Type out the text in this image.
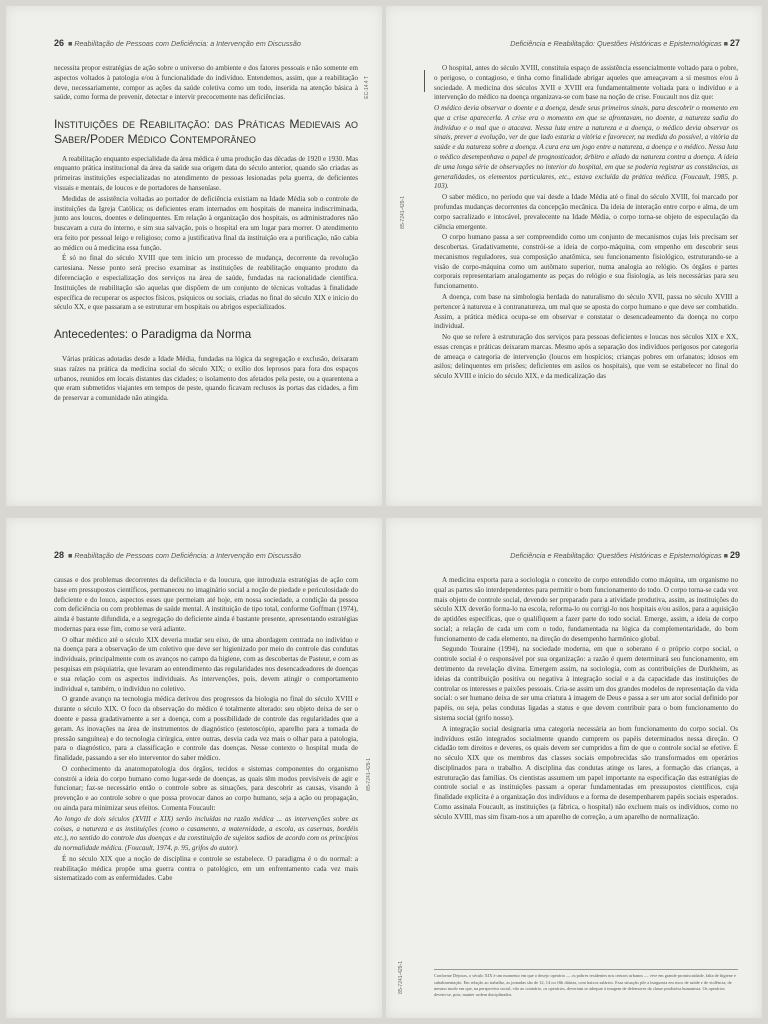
26  ■ Reabilitação de Pessoas com Deficiência: a Intervenção em Discussão
EC-14.4 T

necessita propor estratégias de ação sobre o universo do ambiente e dos fatores pessoais e não somente em aspectos voltados à patologia e/ou à funcionalidade do indivíduo. Entendemos, assim, que a reabilitação deve, necessariamente, compor as ações da saúde coletiva como um todo, inserida na atenção básica à saúde, como forma de prevenir, detectar e intervir precocemente nas deficiências.

Instituições de Reabilitação: das Práticas Medievais ao Saber/Poder Médico Contemporâneo

A reabilitação enquanto especialidade da área médica é uma produção das décadas de 1920 e 1930. Mas enquanto prática institucional da área da saúde sua origem data do século anterior, quando são criadas as primeiras instituições especializadas no atendimento de pessoas lesionadas pela guerra, de deficientes visuais e mentais, de loucos e de portadores de hanseníase.

Medidas de assistência voltadas ao portador de deficiência existiam na Idade Média sob o controle de instituições da Igreja Católica; os deficientes eram internados em hospitais de maneira indiscriminada, junto aos loucos, doentes e delinquentes. Em relação à organização dos hospitais, os administradores não buscavam a cura do interno, e sim sua salvação, pois o hospital era um lugar para morrer. O atendimento era feito por pessoal leigo e religioso; como a justificativa final da instituição era a purificação, não cabia ao médico ou à medicina essa função.

É só no final do século XVIII que tem início um processo de mudança, decorrente da revolução cartesiana. Nesse ponto será preciso examinar as instituições de reabilitação enquanto produto da diferenciação e especialização dos serviços na área de saúde, fundadas na racionalidade científica. Instituições de reabilitação são aquelas que dispõem de um conjunto de técnicas voltadas à finalidade específica de recuperar os aspectos físicos, psíquicos ou sociais, criadas no final do século XIX e início do século XX, e que passaram a se estruturar em hospitais ou abrigos especializados.

Antecedentes: o Paradigma da Norma

Várias práticas adotadas desde a Idade Média, fundadas na lógica da segregação e exclusão, deixaram suas raízes na prática da medicina social do século XIX; o exílio dos leprosos para fora dos espaços urbanos, reunidos em locais distantes das cidades; o isolamento dos afetados pela peste, ou a quarentena a que eram submetidos viajantes em tempos de peste, quando ficavam reclusos às portas das cidades, a fim de preservar a comunidade não atingida.

Deficiência e Reabilitação: Questões Históricas e Epistemológicas ■ 27
85-7241-429-1

O hospital, antes do século XVIII, constituía espaço de assistência essencialmente voltado para o pobre, o perigoso, o contagioso, e tinha como finalidade abrigar aqueles que ameaçavam a si mesmos e/ou à sociedade. A medicina dos séculos XVII e XVIII era fundamentalmente voltada para o indivíduo e a intervenção do médico na doença organizava-se com base na noção de crise. Foucault nos diz que:

O médico devia observar o doente e a doença, desde seus primeiros sinais, para descobrir o momento em que a crise aparecerla. A crise era o momento em que se afrontavam, no doente, a natureza sadia do indivíduo e o mal que o atacava. Nessa luta entre a natureza e a doença, o médico devia observar os sinais, prever a evolução, ver de que lado estaria a vitória e favorecer, na medida do possível, a vitória da saúde e da natureza sobre a doença. A cura era um jogo entre a natureza, a doença e o médico. Nessa luta o médico desempenhava o papel de prognosticador, árbitro e aliado da natureza contra a doença. A ideia de uma longa série de observações no interior do hospital, em que se poderia registrar as constâncias, as generalidades, os elementos particulares, etc., estava excluída da prática médica. (Foucault, 1985, p. 103).

O saber médico, no período que vai desde a Idade Média até o final do século XVIII, foi marcado por profundas mudanças decorrentes da concepção mecânica. Da ideia de interação entre corpo e alma, de um corpo sacralizado e intocável, prevalecente na Idade Média, o corpo torna-se objeto de especulação da ciência emergente.

O corpo humano passa a ser compreendido como um conjunto de mecanismos cujas leis precisam ser descobertas. Gradativamente, constrói-se a ideia de corpo-máquina, com empenho em descobrir seus mecanismos reguladores, sua composição anatômica, seu funcionamento fisiológico, estruturando-se a visão de corpo-máquina como um autômato superior, numa analogia ao relógio. Os órgãos e partes corporais representariam analogamente as peças do relógio e sua fisiologia, as leis necessárias para seu funcionamento.

A doença, com base na simbologia herdada do naturalismo do século XVII, passa no século XVIII a pertencer à natureza e à contranatureza, um mal que se aposta do corpo humano e que deve ser combatido. Assim, a prática médica ocupa-se em observar e constatar o desencadeamento da doença no corpo individual.

No que se refere à estruturação dos serviços para pessoas deficientes e loucas nos séculos XIX e XX, essas crenças e práticas deixaram marcas. Mesmo após a separação dos indivíduos perigosos por categoria de ameaça e categoria de intervenção (loucos em hospícios; crianças pobres em orfanatos; idosos em asilos; delinquentes em prisões; deficientes em asilos os hospitais), que vem se estabelecer no final do século XVIII e início do século XIX, e da medicalização das

28  ■ Reabilitação de Pessoas com Deficiência: a Intervenção em Discussão
85-7241-429-1

causas e dos problemas decorrentes da deficiência e da loucura, que introduzia estratégias de ação com base em pressupostos científicos, permaneceu no imaginário social a noção de piedade e periculosidade do deficiente e do louco, aspectos esses que permeiam até hoje, em nossa sociedade, a condição da pessoa com deficiência ou com problemas de saúde mental. A instituição de tipo total, conforme Goffman (1974), ainda é bastante difundida, e a segregação do deficiente ainda é bastante presente, apresentando estratégias modernas para esse fim, como se verá adiante.

O olhar médico até o século XIX deveria mudar seu eixo, de uma abordagem centrada no indivíduo e na doença para a observação de um coletivo que deve ser higienizado por meio do controle das condutas individuais, principalmente com os avanços no campo da higiene, com as descobertas de Pasteur, e com as pesquisas em psiquiatria, que levaram ao entendimento das regularidades nos desencadeadores de doenças e sua relação com os aspectos individuais. As intervenções, pois, devem atingir o comportamento individual e, também, o indivíduo no coletivo.

O grande avanço na tecnologia médica derivou dos progressos da biologia no final do século XVIII e durante o século XIX. O foco da observação do médico é totalmente alterado: seu objeto deixa de ser o doente e passa gradativamente a ser a doença, com a possibilidade de controle das regularidades que a geram. As inovações na área de instrumentos de diagnóstico (estetoscópio, aparelho para a tomada de pressão sanguínea) e do tecnologia cirúrgica, entre outras, desvia cada vez mais o olhar para a patologia, para o diagnóstico, para a classificação e controle das doenças. Nesse contexto o hospital muda de finalidade, passando a ser elo interventor do saber médico.

O conhecimento da anatomopatologia dos órgãos, tecidos e sistemas componentes do organismo constrói a ideia do corpo humano como lugar-sede de doenças, as quais têm modos previsíveis de agir e funcionar; faz-se necessário então o controle sobre as situações, para descobrir as causas, visando à prevenção e ao controle sobre o que possa provocar danos ao corpo humano, seja a ação ou propagação, ou ainda para minimizar seus efeitos. Comenta Foucault:

Ao longo de dois séculos (XVIII e XIX) serão incluídas na razão médica ... as intervenções sobre as coisas, a natureza e as instituições (como o casamento, a maternidade, a escola, as casernas, bordéis etc.), no sentido do controle das doenças e da constituição de sujeitos sadios de acordo com os princípios da normalidade médica. (Foucault, 1974, p. 95, grifos do autor).

É no século XIX que a noção de disciplina e controle se estabelece. O paradigma é o do normal: a reabilitação médica propõe uma guerra contra o patológico, em um enfrentamento cada vez mais sistematizado com as enfermidades. Cabe

Deficiência e Reabilitação: Questões Históricas e Epistemológicas ■ 29
85-7241-429-1

A medicina exporta para a sociologia o conceito de corpo entendido como máquina, um organismo no qual as partes são interdependentes para permitir o bom funcionamento do todo. O corpo torna-se cada vez mais objeto de controle social, devendo ser preparado para a atividade produtiva, assim, as instituições do século XIX deverão forma-lo na escola, reforma-lo ou corrigi-lo nos hospitais e/ou asilos, para a aquisição de aptidões específicas, que o qualifiquem a fazer parte do todo social. Emerge, assim, a ideia de corpo social; a relação de cada um com o todo, fundamentada na lógica da complementaridade, do bom funcionamento de cada elemento, na direção do desempenho harmônico global.

Segundo Touraine (1994), na sociedade moderna, em que o soberano é o próprio corpo social, o controle social é o responsável por sua organização: a razão é quem determinará seu funcionamento, em detrimento da revelação divina. Emergem assim, na sociologia, com as contribuições de Durkheim, as ideias da contribuição positiva ou negativa à integração social e a da capacidade das instituições de controlar os interesses e paixões pessoais. Cria-se assim um dos grandes modelos de representação da vida social: o ser humano deixa de ser uma criatura à imagem de Deus e passa a ser um ator social definido por papéis, ou seja, pelas condutas ligadas a status e que devem contribuir para o bom funcionamento do sistema social (grifo nosso).

A integração social designaria uma categoria necessária ao bom funcionamento do corpo social. Os indivíduos estão integrados socialmente quando cumprem os papéis determinados nessa direção. O cidadão tem direitos e deveres, os quais devem ser cumpridos a fim de que o controle social se efetive. É no século XIX que os membros das classes sociais empobrecidas são transformados em operários disciplinados para o trabalho. A disciplina das condutas atinge os lares, a formação das crianças, a estruturação das famílias. Os cientistas assumem um papel importante na especificação das estratégias de controle social e as instituições passam a operar fundamentadas em pressupostos científicos, cuja finalidade explícita é a organização dos indivíduos e a forma de desempenharem papéis sociais esperados. Como assinala Foucault, as instituições (a fábrica, o hospital) não excluem mais os indivíduos, como no século XVIII, mas sim fixam-nos a um aparelho de correção, a um aparelho de normalização.

Conforme Dejours, o século XIX é um momento em que o desejo operário — os pobres residentes nos centros urbanos — vive em grande promiscuidade, falta de higiene e subalimentação. Em relação ao trabalho, as jornadas são de 12, 14 ou 16h diárias, com baixos salários. Essa situação põe a burguesia em risco de saúde e de violência; de mesmo modo em que, na perspectiva social, vão ao contrário, os operários, deveriam se adequar à imagem de defensores da classe produtiva humanista. Os operários devem-se, pois, manter ordem disciplinados.
